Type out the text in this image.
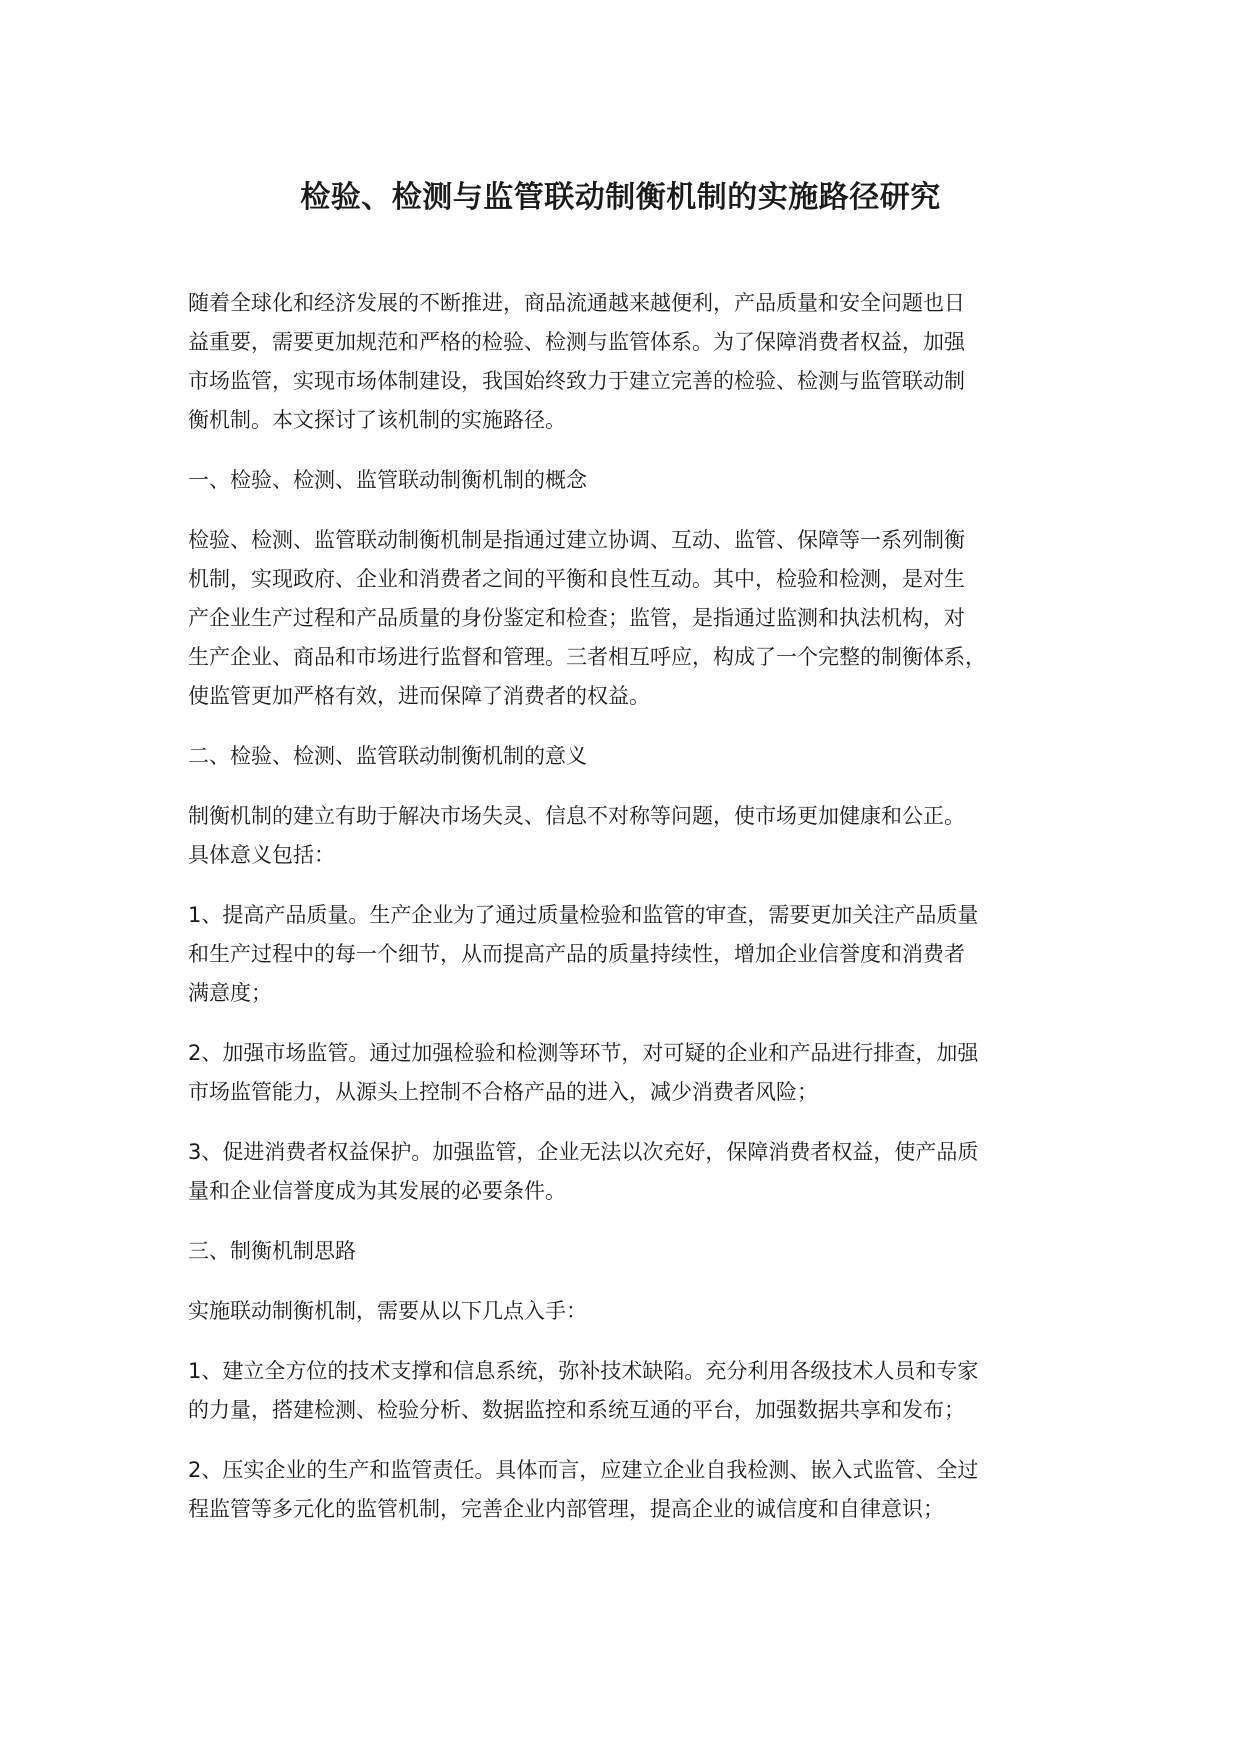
检验、检测与监管联动制衡机制的实施路径研究
随着全球化和经济发展的不断推进，商品流通越来越便利，产品质量和安全问题也日
益重要，需要更加规范和严格的检验、检测与监管体系。为了保障消费者权益，加强
市场监管，实现市场体制建设，我国始终致力于建立完善的检验、检测与监管联动制
衡机制。本文探讨了该机制的实施路径。
一、检验、检测、监管联动制衡机制的概念
检验、检测、监管联动制衡机制是指通过建立协调、互动、监管、保障等一系列制衡
机制，实现政府、企业和消费者之间的平衡和良性互动。其中，检验和检测，是对生
产企业生产过程和产品质量的身份鉴定和检查；监管，是指通过监测和执法机构，对
生产企业、商品和市场进行监督和管理。三者相互呼应，构成了一个完整的制衡体系，
使监管更加严格有效，进而保障了消费者的权益。
二、检验、检测、监管联动制衡机制的意义
制衡机制的建立有助于解决市场失灵、信息不对称等问题，使市场更加健康和公正。
具体意义包括：
1、提高产品质量。生产企业为了通过质量检验和监管的审查，需要更加关注产品质量
和生产过程中的每一个细节，从而提高产品的质量持续性，增加企业信誉度和消费者
满意度；
2、加强市场监管。通过加强检验和检测等环节，对可疑的企业和产品进行排查，加强
市场监管能力，从源头上控制不合格产品的进入，减少消费者风险；
3、促进消费者权益保护。加强监管，企业无法以次充好，保障消费者权益，使产品质
量和企业信誉度成为其发展的必要条件。
三、制衡机制思路
实施联动制衡机制，需要从以下几点入手：
1、建立全方位的技术支撑和信息系统，弥补技术缺陷。充分利用各级技术人员和专家
的力量，搭建检测、检验分析、数据监控和系统互通的平台，加强数据共享和发布；
2、压实企业的生产和监管责任。具体而言，应建立企业自我检测、嵌入式监管、全过
程监管等多元化的监管机制，完善企业内部管理，提高企业的诚信度和自律意识；
